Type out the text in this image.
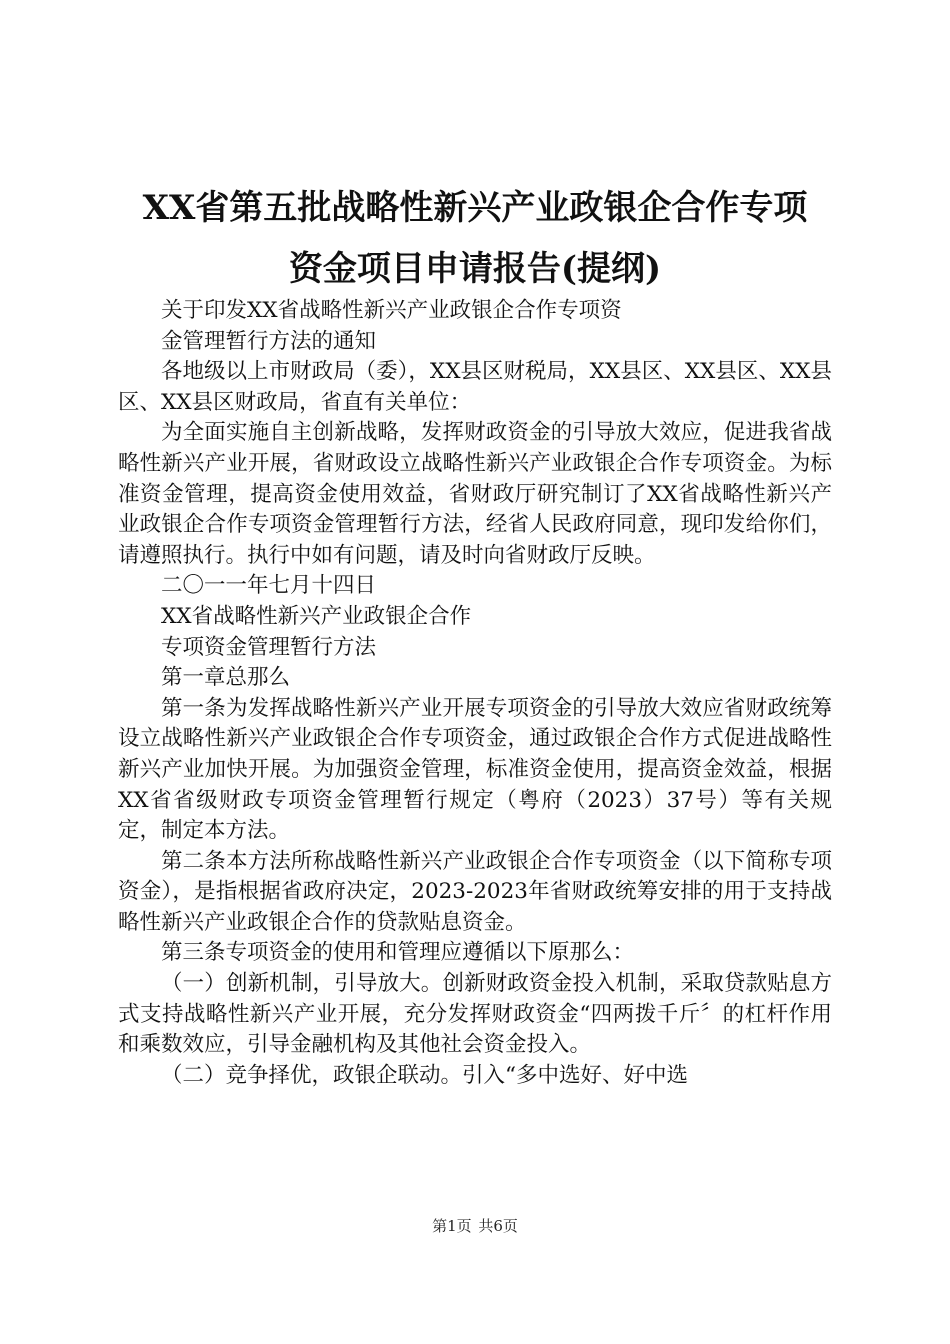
XX省第五批战略性新兴产业政银企合作专项
资金项目申请报告(提纲)

关于印发XX省战略性新兴产业政银企合作专项资

金管理暂行方法的通知

各地级以上市财政局（委），XX县区财税局，XX县区、XX县区、XX县区、XX县区财政局，省直有关单位：

为全面实施自主创新战略，发挥财政资金的引导放大效应，促进我省战略性新兴产业开展，省财政设立战略性新兴产业政银企合作专项资金。为标准资金管理，提高资金使用效益，省财政厅研究制订了XX省战略性新兴产业政银企合作专项资金管理暂行方法，经省人民政府同意，现印发给你们，请遵照执行。执行中如有问题，请及时向省财政厅反映。

二〇一一年七月十四日

XX省战略性新兴产业政银企合作

专项资金管理暂行方法

第一章总那么

第一条为发挥战略性新兴产业开展专项资金的引导放大效应省财政统筹设立战略性新兴产业政银企合作专项资金，通过政银企合作方式促进战略性新兴产业加快开展。为加强资金管理，标准资金使用，提高资金效益，根据XX省省级财政专项资金管理暂行规定（粤府（2023）37号）等有关规定，制定本方法。

第二条本方法所称战略性新兴产业政银企合作专项资金（以下简称专项资金），是指根据省政府决定，2023-2023年省财政统筹安排的用于支持战略性新兴产业政银企合作的贷款贴息资金。

第三条专项资金的使用和管理应遵循以下原那么：

（一）创新机制，引导放大。创新财政资金投入机制，采取贷款贴息方式支持战略性新兴产业开展，充分发挥财政资金“四两拨千斤〞的杠杆作用和乘数效应，引导金融机构及其他社会资金投入。

（二）竞争择优，政银企联动。引入“多中选好、好中选

第1页 共6页
